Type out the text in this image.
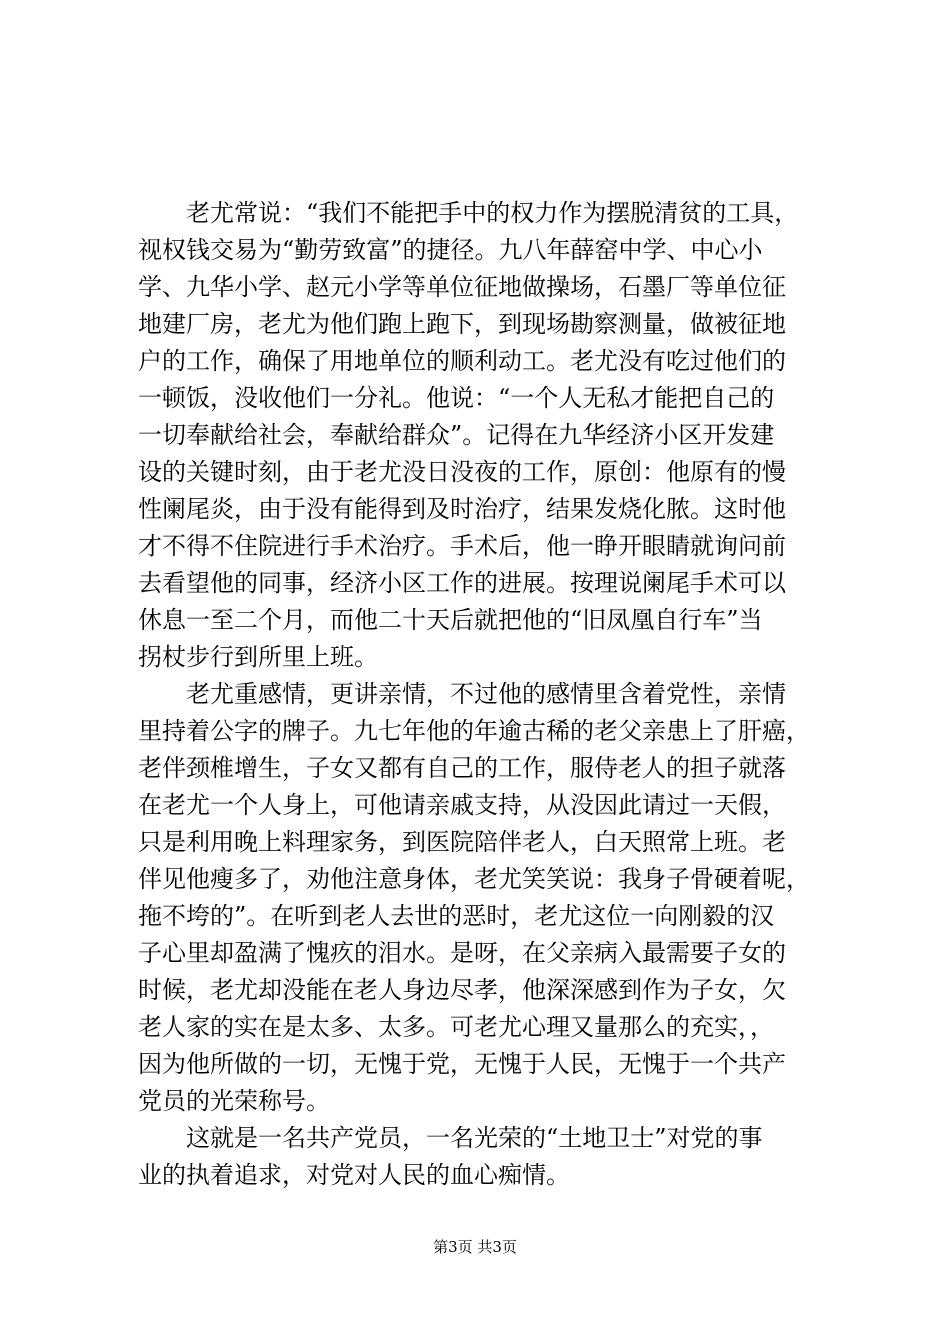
老尤常说：“我们不能把手中的权力作为摆脱清贫的工具，
视权钱交易为“勤劳致富”的捷径。九八年薛窑中学、中心小
学、九华小学、赵元小学等单位征地做操场，石墨厂等单位征
地建厂房，老尤为他们跑上跑下，到现场勘察测量，做被征地
户的工作，确保了用地单位的顺利动工。老尤没有吃过他们的
一顿饭，没收他们一分礼。他说：“一个人无私才能把自己的
一切奉献给社会，奉献给群众”。记得在九华经济小区开发建
设的关键时刻，由于老尤没日没夜的工作，原创：他原有的慢
性阑尾炎，由于没有能得到及时治疗，结果发烧化脓。这时他
才不得不住院进行手术治疗。手术后，他一睁开眼睛就询问前
去看望他的同事，经济小区工作的进展。按理说阑尾手术可以
休息一至二个月，而他二十天后就把他的“旧凤凰自行车”当
拐杖步行到所里上班。
老尤重感情，更讲亲情，不过他的感情里含着党性，亲情
里持着公字的牌子。九七年他的年逾古稀的老父亲患上了肝癌，
老伴颈椎增生，子女又都有自己的工作，服侍老人的担子就落
在老尤一个人身上，可他请亲戚支持，从没因此请过一天假，
只是利用晚上料理家务，到医院陪伴老人，白天照常上班。老
伴见他瘦多了，劝他注意身体，老尤笑笑说：我身子骨硬着呢，
拖不垮的”。在听到老人去世的恶时，老尤这位一向刚毅的汉
子心里却盈满了愧疚的泪水。是呀，在父亲病入最需要子女的
时候，老尤却没能在老人身边尽孝，他深深感到作为子女，欠
老人家的实在是太多、太多。可老尤心理又量那么的充实，，
因为他所做的一切，无愧于党，无愧于人民，无愧于一个共产
党员的光荣称号。
这就是一名共产党员，一名光荣的“土地卫士”对党的事
业的执着追求，对党对人民的血心痴情。
第3页 共3页
